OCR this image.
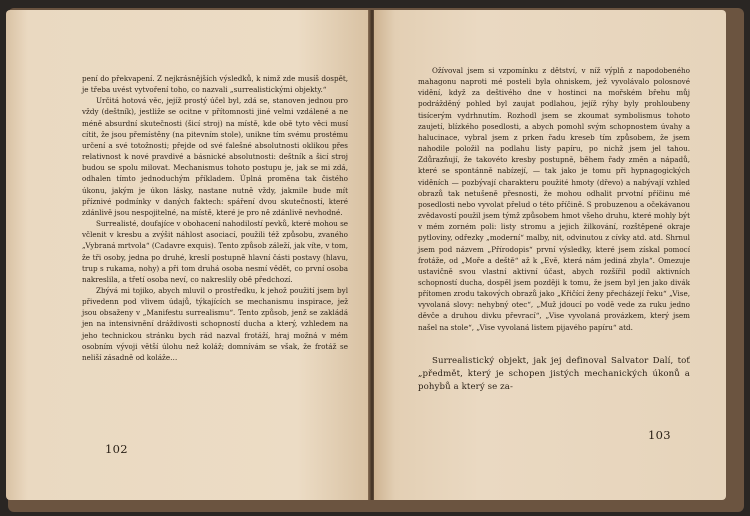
pení do překvapení. Z nejkrásnějších výsledků, k nimž zde musíš dospět, je třeba uvést vytvoření toho, co nazvali „surrealistickými objekty.“

Určitá hotová věc, jejíž prostý účel byl, zdá se, stanoven jednou pro vždy (deštník), jestliže se ocitne v přítomnosti jiné velmi vzdálené a ne méně absurdní skutečnosti (šicí stroj) na místě, kde obě tyto věci musí cítit, že jsou přemístěny (na pitevním stole), unikne tím svému prostému určení a své totožnosti; přejde od své falešné absolutnosti oklikou přes relativnost k nové pravdivé a básnické absolutnosti: deštník a šicí stroj budou se spolu milovat. Mechanismus tohoto postupu je, jak se mi zdá, odhalen tímto jednoduchým příkladem. Úplná proměna tak čistého úkonu, jakým je úkon lásky, nastane nutně vždy, jakmile bude mít příznivé podmínky v daných faktech: spáření dvou skutečností, které zdánlivě jsou nespojitelné, na místě, které je pro ně zdánlivě nevhodné.

Surrealisté, doufajíce v obohacení nahodilostí pevků, které mohou se včlenit v kresbu a zvýšit náhlost asociací, použili též způsobu, zvaného „Vybraná mrtvola“ (Cadavre exquis). Tento způsob záleží, jak víte, v tom, že tři osoby, jedna po druhé, kreslí postupně hlavní části postavy (hlavu, trup s rukama, nohy) a při tom druhá osoba nesmí vědět, co první osoba nakreslila, a třetí osoba neví, co nakreslily obě předchozí.

Zbývá mi tojiko, abych mluvil o prostředku, k jehož použití jsem byl přivedenn pod vlivem údajů, týkajících se mechanismu inspirace, jež jsou obsaženy v „Manifestu surrealismu“. Tento způsob, jenž se zakládá jen na intensivnění dráždivosti schopností ducha a který, vzhledem na jeho technickou stránku bych rád nazval frotáží, hraj možná v mém osobním vývoji větší úlohu než koláž; domnívám se však, že frotáž se neliší zásadně od koláže…

102

Ožívoval jsem si vzpomínku z dětství, v níž výplň z napodobeného mahagonu naproti mé posteli byla ohniskem, jež vyvolávalo polosnové vidění, když za deštivého dne v hostinci na mořském břehu můj podrážděný pohled byl zaujat podlahou, jejíž rýhy byly prohloubeny tisícerým vydrhnutím. Rozhodl jsem se zkoumat symbolismus tohoto zaujetí, blízkého posedlosti, a abych pomohl svým schopnostem úvahy a halucinace, vybral jsem z prken řadu kreseb tím způsobem, že jsem nahodile položil na podlahu listy papíru, po nichž jsem jel tahou. Zdůrazňují, že takovéto kresby postupně, během řady změn a nápadů, které se spontánně nabízejí, — tak jako je tomu při hypnagogických viděních — pozbývají charakteru použité hmoty (dřevo) a nabývají vzhled obrazů tak netušeně přesnosti, že mohou odhalit prvotní příčinu mé posedlosti nebo vyvolat přelud o této příčině. S probuzenou a očekávanou zvědavostí použil jsem týmž způsobem hmot všeho druhu, které mohly být v mém zorném poli: listy stromu a jejich žilkování, rozštěpené okraje pytloviny, odřezky „moderní“ malby, nit, odvinutou z cívky atd. atd. Shrnul jsem pod názvem „Přírodopis“ první výsledky, které jsem získal pomocí frotáže, od „Moře a deště“ až k „Evě, která nám jediná zbyla“. Omezuje ustavičně svou vlastní aktivní účast, abych rozšířil podíl aktivních schopností ducha, dospěl jsem později k tomu, že jsem byl jen jako divák přítomen zrodu takových obrazů jako „Křičící ženy přecházejí řeku“ „Vise, vyvolaná slovy: nehybný otec“, „Muž jdoucí po vodě vede za ruku jedno děvče a druhou divku převrací“, „Vise vyvolaná provázkem, který jsem našel na stole“, „Vise vyvolaná listem pijavého papíru“ atd.

Surrealistický objekt, jak jej definoval Salvator Dalí, toť „předmět, který je schopen jistých mechanických úkonů a pohybů a který se za-

103
